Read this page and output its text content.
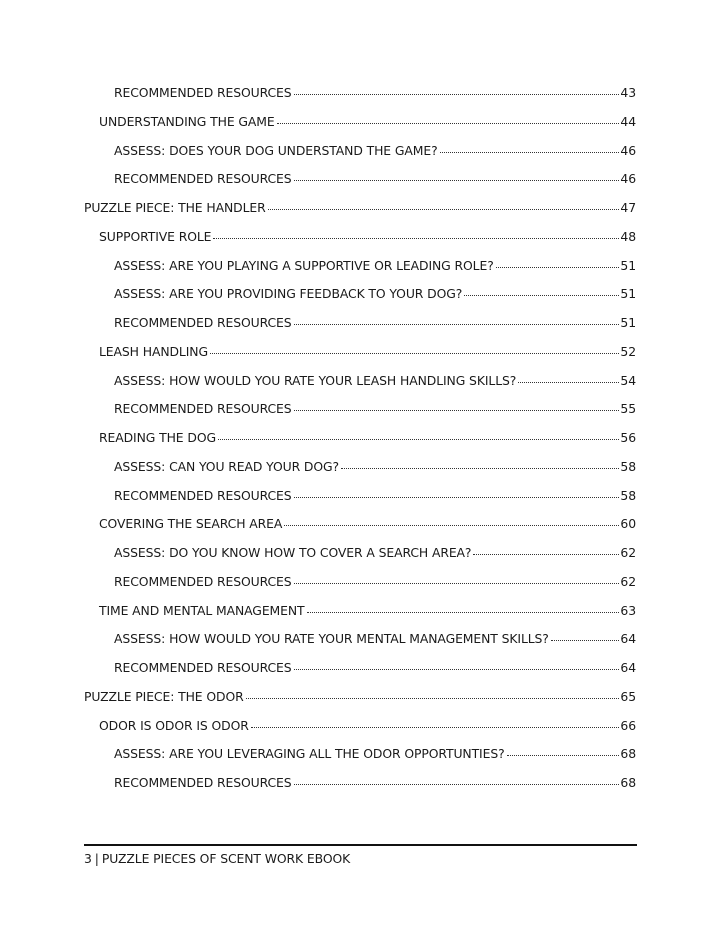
RECOMMENDED RESOURCES	43
UNDERSTANDING THE GAME	44
ASSESS: DOES YOUR DOG UNDERSTAND THE GAME?	46
RECOMMENDED RESOURCES	46
PUZZLE PIECE: THE HANDLER	47
SUPPORTIVE ROLE	48
ASSESS: ARE YOU PLAYING A SUPPORTIVE OR LEADING ROLE?	51
ASSESS: ARE YOU PROVIDING FEEDBACK TO YOUR DOG?	51
RECOMMENDED RESOURCES	51
LEASH HANDLING	52
ASSESS: HOW WOULD YOU RATE YOUR LEASH HANDLING SKILLS?	54
RECOMMENDED RESOURCES	55
READING THE DOG	56
ASSESS: CAN YOU READ YOUR DOG?	58
RECOMMENDED RESOURCES	58
COVERING THE SEARCH AREA	60
ASSESS: DO YOU KNOW HOW TO COVER A SEARCH AREA?	62
RECOMMENDED RESOURCES	62
TIME AND MENTAL MANAGEMENT	63
ASSESS: HOW WOULD YOU RATE YOUR MENTAL MANAGEMENT SKILLS?	64
RECOMMENDED RESOURCES	64
PUZZLE PIECE: THE ODOR	65
ODOR IS ODOR IS ODOR	66
ASSESS: ARE YOU LEVERAGING ALL THE ODOR OPPORTUNTIES?	68
RECOMMENDED RESOURCES	68
3 | PUZZLE PIECES OF SCENT WORK EBOOK
